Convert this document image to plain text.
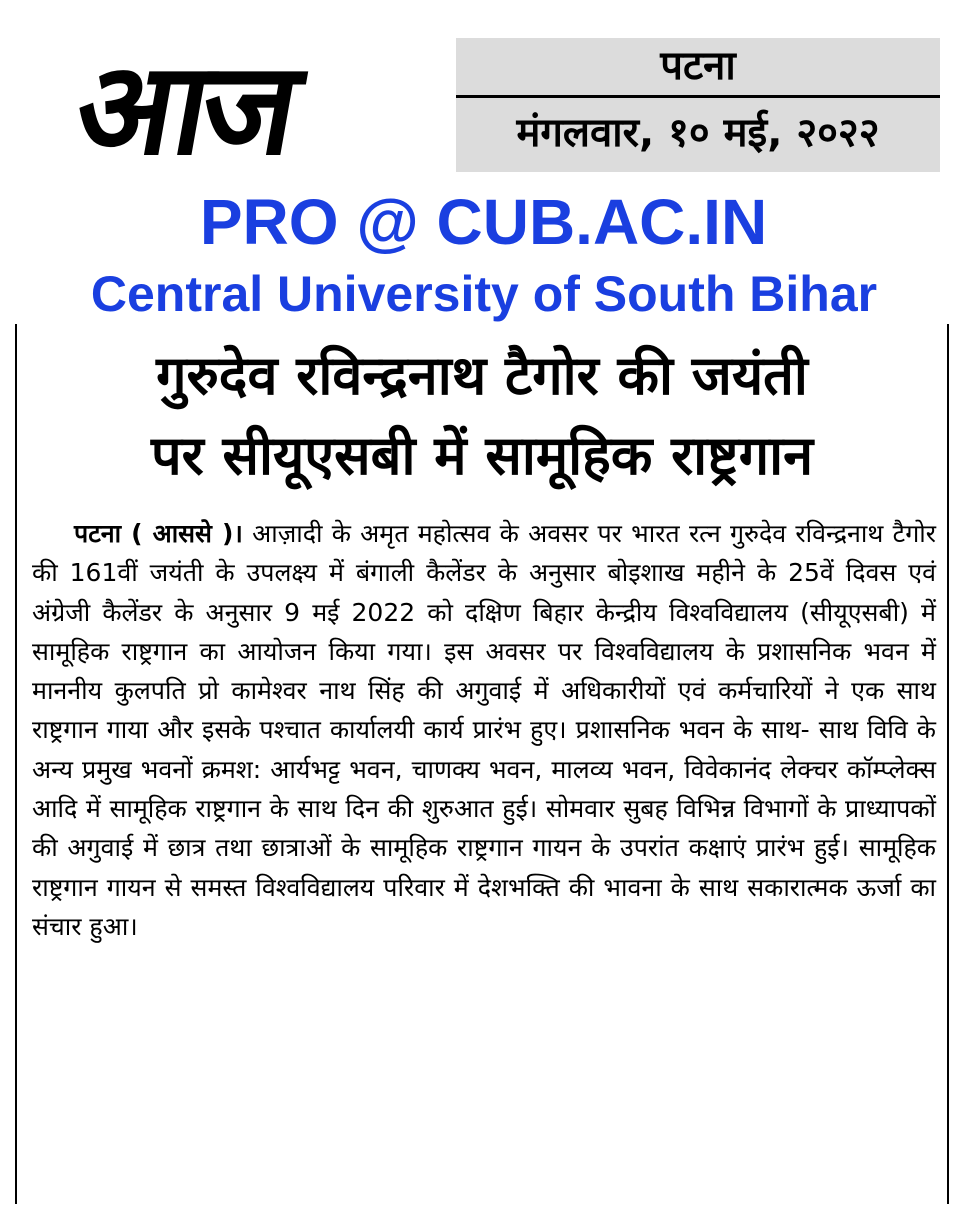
आज	पटना
मंगलवार, १० मई, २०२२
PRO @ CUB.AC.IN
Central University of South Bihar
गुरुदेव रविन्द्रनाथ टैगोर की जयंती
पर सीयूएसबी में सामूहिक राष्ट्रगान
पटना ( आससे )। आज़ादी के अमृत महोत्सव के अवसर पर भारत रत्न गुरुदेव रविन्द्रनाथ टैगोर की 161वीं जयंती के उपलक्ष्य में बंगाली कैलेंडर के अनुसार बोइशाख महीने के 25वें दिवस एवं अंग्रेजी कैलेंडर के अनुसार 9 मई 2022 को दक्षिण बिहार केन्द्रीय विश्वविद्यालय (सीयूएसबी) में सामूहिक राष्ट्रगान का आयोजन किया गया। इस अवसर पर विश्वविद्यालय के प्रशासनिक भवन में माननीय कुलपति प्रो कामेश्वर नाथ सिंह की अगुवाई में अधिकारीयों एवं कर्मचारियों ने एक साथ राष्ट्रगान गाया और इसके पश्चात कार्यालयी कार्य प्रारंभ हुए। प्रशासनिक भवन के साथ- साथ विवि के अन्य प्रमुख भवनों क्रमश: आर्यभट्ट भवन, चाणक्य भवन, मालव्य भवन, विवेकानंद लेक्चर कॉम्प्लेक्स आदि में सामूहिक राष्ट्रगान के साथ दिन की शुरुआत हुई। सोमवार सुबह विभिन्न विभागों के प्राध्यापकों की अगुवाई में छात्र तथा छात्राओं के सामूहिक राष्ट्रगान गायन के उपरांत कक्षाएं प्रारंभ हुई। सामूहिक राष्ट्रगान गायन से समस्त विश्वविद्यालय परिवार में देशभक्ति की भावना के साथ सकारात्मक ऊर्जा का संचार हुआ।
